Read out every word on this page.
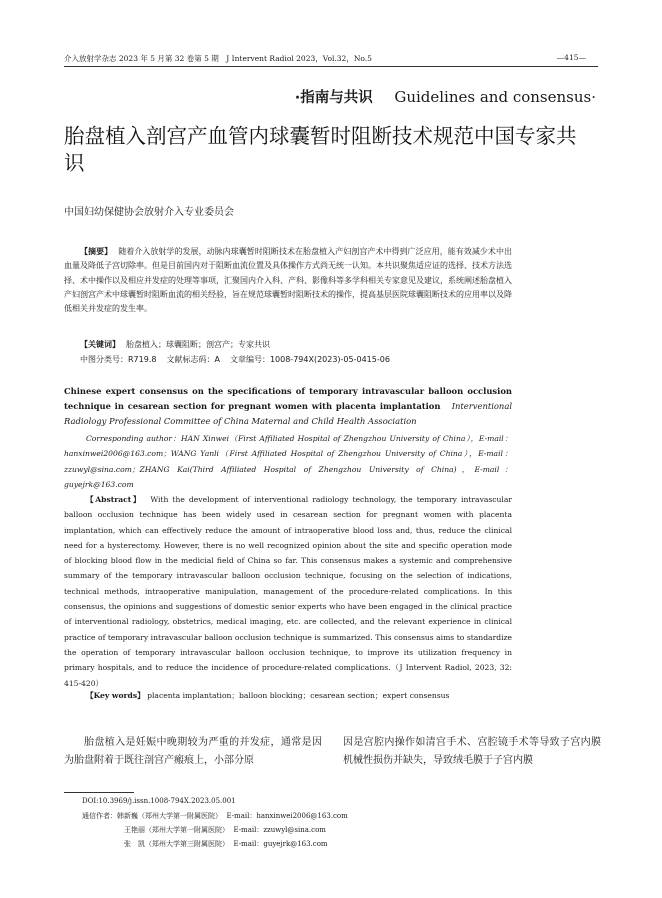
介入放射学杂志 2023 年 5 月第 32 卷第 5 期　J Intervent Radiol 2023，Vol.32，No.5	—415—
·指南与共识 Guidelines and consensus·
胎盘植入剖宫产血管内球囊暂时阻断技术规范中国专家共识
中国妇幼保健协会放射介入专业委员会

【摘要】 随着介入放射学的发展，动脉内球囊暂时阻断技术在胎盘植入产妇剖宫产术中得到广泛应用，能有效减少术中出血量及降低子宫切除率。但是目前国内对于阻断血流位置及具体操作方式尚无统一认知。本共识聚焦适应证的选择、技术方法选择、术中操作以及相应并发症的处理等事项，汇聚国内介入科、产科、影像科等多学科相关专家意见及建议，系统阐述胎盘植入产妇剖宫产术中球囊暂时阻断血流的相关经验，旨在规范球囊暂时阻断技术的操作，提高基层医院球囊阻断技术的应用率以及降低相关并发症的发生率。

【关键词】 胎盘植入；球囊阻断；剖宫产；专家共识
中图分类号：R719.8 文献标志码：A 文章编号：1008-794X(2023)-05-0415-06
Chinese expert consensus on the specifications of temporary intravascular balloon occlusion technique in cesarean section for pregnant women with placenta implantation Interventional Radiology Professional Committee of China Maternal and Child Health Association
Corresponding author：HAN Xinwei（First Affiliated Hospital of Zhengzhou University of China），E-mail：hanxinwei2006@163.com；WANG Yanli（First Affiliated Hospital of Zhengzhou University of China），E-mail：zzuwyl@sina.com；ZHANG Kai(Third Affiliated Hospital of Zhengzhou University of China)，E-mail：guyejrk@163.com
【Abstract】 With the development of interventional radiology technology, the temporary intravascular balloon occlusion technique has been widely used in cesarean section for pregnant women with placenta implantation, which can effectively reduce the amount of intraoperative blood loss and, thus, reduce the clinical need for a hysterectomy. However, there is no well recognized opinion about the site and specific operation mode of blocking blood flow in the medicial field of China so far. This consensus makes a systemic and comprehensive summary of the temporary intravascular balloon occlusion technique, focusing on the selection of indications, technical methods, intraoperative manipulation, management of the procedure-related complications. In this consensus, the opinions and suggestions of domestic senior experts who have been engaged in the clinical practice of interventional radiology, obstetrics, medical imaging, etc. are collected, and the relevant experience in clinical practice of temporary intravascular balloon occlusion technique is summarized. This consensus aims to standardize the operation of temporary intravascular balloon occlusion technique, to improve its utilization frequency in primary hospitals, and to reduce the incidence of procedure-related complications.（J Intervent Radiol, 2023, 32: 415-420）
【Key words】 placenta implantation；balloon blocking；cesarean section；expert consensus
胎盘植入是妊娠中晚期较为严重的并发症，通常是因为胎盘附着于既往剖宫产瘢痕上，小部分原
因是宫腔内操作如清宫手术、宫腔镜手术等导致子宫内膜机械性损伤并缺失，导致绒毛膜于子宫内膜
DOI:10.3969/j.issn.1008-794X.2023.05.001
通信作者：韩新巍（郑州大学第一附属医院） E-mail：hanxinwei2006@163.com
王艳丽（郑州大学第一附属医院） E-mail：zzuwyl@sina.com
张　凯（郑州大学第三附属医院） E-mail：guyejrk@163.com
